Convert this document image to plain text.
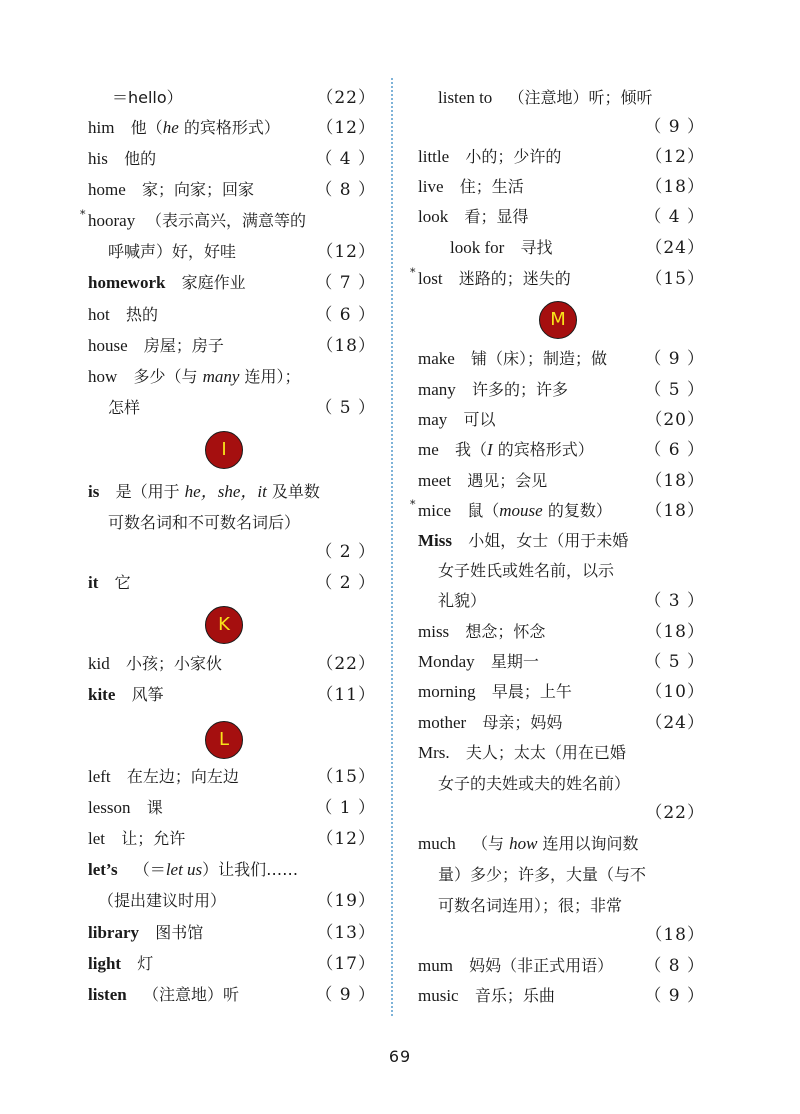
＝hello）	（22）
him 他（he 的宾格形式） （12）
his 他的	（ 4 ）
home 家；向家；回家	（ 8 ）
* hooray （表示高兴，满意等的
呼喊声）好，好哇	（12）
homework 家庭作业	（ 7 ）
hot 热的	（ 6 ）
house 房屋；房子	（18）
how 多少（与 many 连用）；
怎样	（ 5 ）
I
is 是（用于 he，she，it 及单数
可数名词和不可数名词后）
（ 2 ）
it 它	（ 2 ）
K
kid 小孩；小家伙	（22）
kite 风筝	（11）
L
left 在左边；向左边	（15）
lesson 课	（ 1 ）
let 让；允许	（12）
let’s （＝let us）让我们……
（提出建议时用）	（19）
library 图书馆	（13）
light 灯	（17）
listen （注意地）听	（ 9 ）
listen to （注意地）听；倾听
（ 9 ）
little 小的；少许的	（12）
live 住；生活	（18）
look 看；显得	（ 4 ）
look for 寻找	（24）
* lost 迷路的；迷失的	（15）
M
make 铺（床）；制造；做 （ 9 ）
many 许多的；许多	（ 5 ）
may 可以	（20）
me 我（I 的宾格形式）	（ 6 ）
meet 遇见；会见	（18）
* mice 鼠（mouse 的复数） （18）
Miss 小姐，女士（用于未婚
女子姓氏或姓名前，以示
礼貌）	（ 3 ）
miss 想念；怀念	（18）
Monday 星期一	（ 5 ）
morning 早晨；上午	（10）
mother 母亲；妈妈	（24）
Mrs. 夫人；太太（用在已婚
女子的夫姓或夫的姓名前）
（22）
much （与 how 连用以询问数
量）多少；许多，大量（与不
可数名词连用）；很；非常
（18）
mum 妈妈（非正式用语） （ 8 ）
music 音乐；乐曲	（ 9 ）
69
